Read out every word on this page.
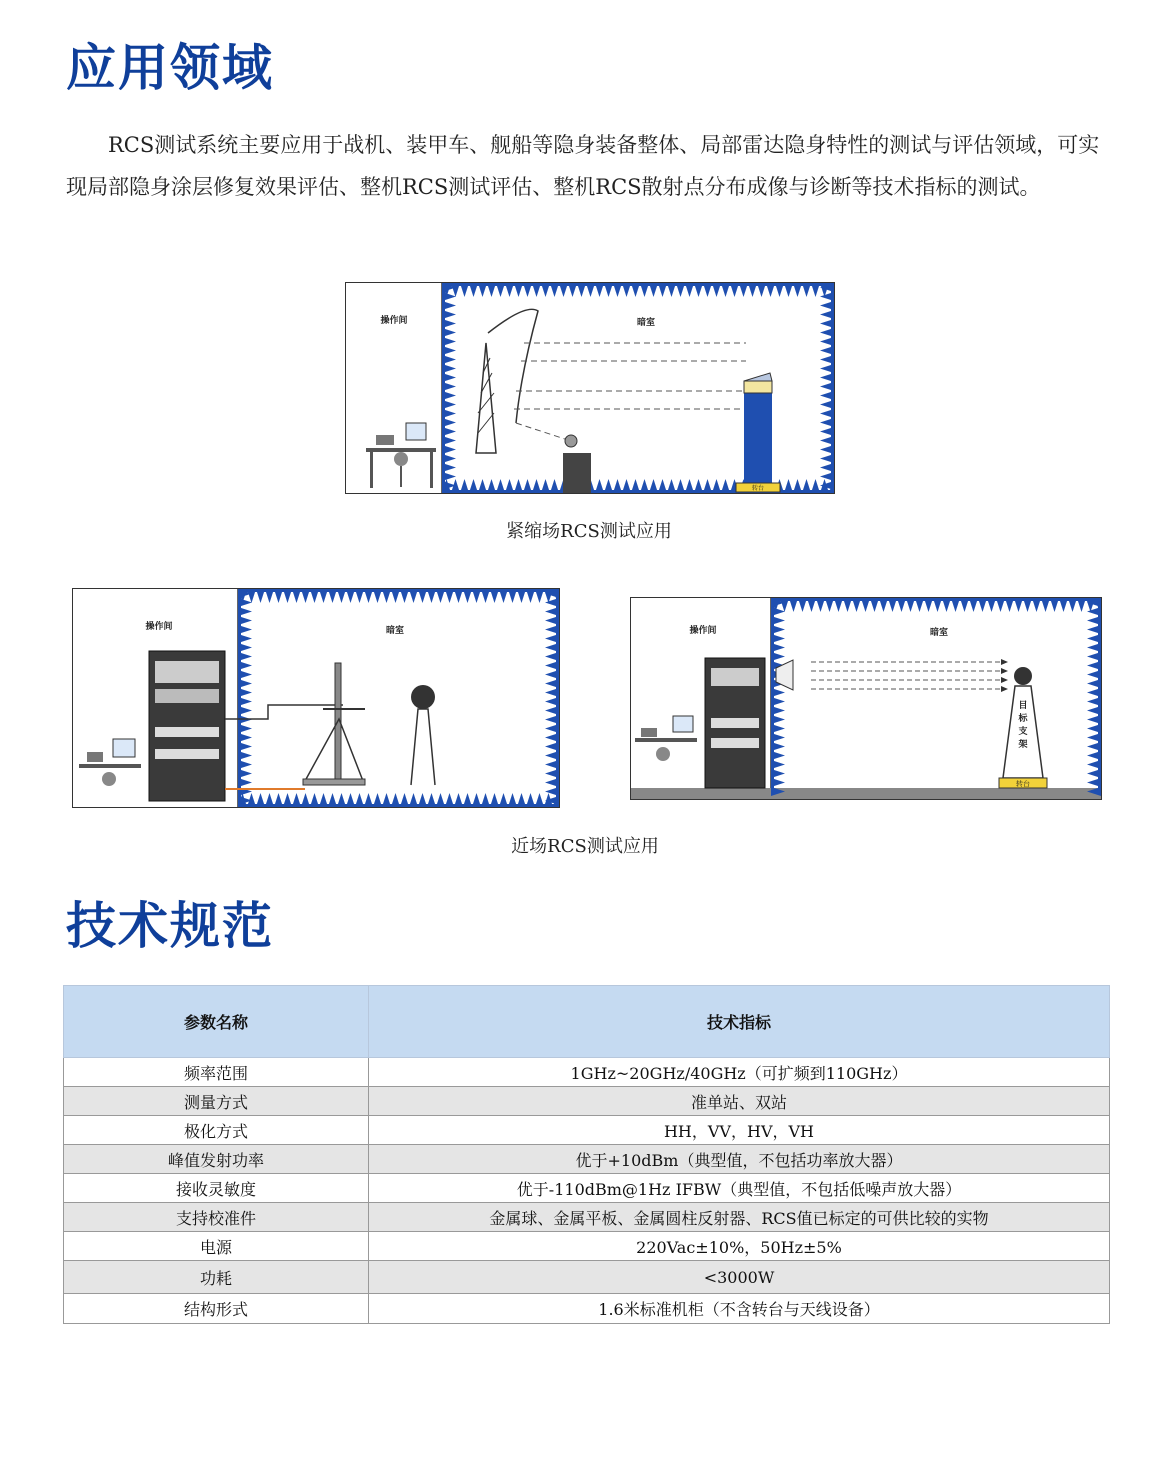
应用领域

RCS测试系统主要应用于战机、装甲车、舰船等隐身装备整体、局部雷达隐身特性的测试与评估领域，可实现局部隐身涂层修复效果评估、整机RCS测试评估、整机RCS散射点分布成像与诊断等技术指标的测试。

操作间	暗室
转台
紧缩场RCS测试应用
操作间	暗室	操作间	暗室
目
标
支
架
转台
近场RCS测试应用
技术规范
参数名称	技术指标
频率范围	1GHz~20GHz/40GHz（可扩频到110GHz）
测量方式	准单站、双站
极化方式	HH，VV，HV，VH
峰值发射功率	优于+10dBm（典型值，不包括功率放大器）
接收灵敏度	优于-110dBm@1Hz IFBW（典型值，不包括低噪声放大器）
支持校准件	金属球、金属平板、金属圆柱反射器、RCS值已标定的可供比较的实物
电源	220Vac±10%，50Hz±5%
功耗	<3000W
结构形式	1.6米标准机柜（不含转台与天线设备）
